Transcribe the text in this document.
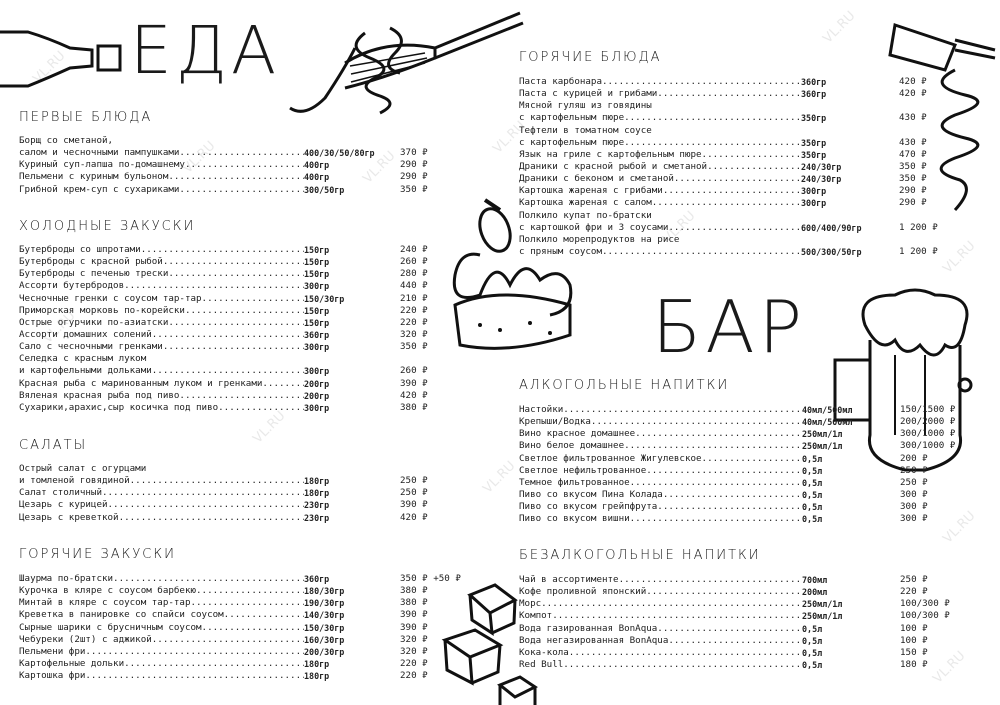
VL.RU
VL.RU	VL.RU
VL.RU
VL.RU
VL.RU
VL.RU
VL.RU
VL.RU
VL.RU
VL.RU
VL.RU
ЕДА
БАР
ПЕРВЫЕ БЛЮДА
ХОЛОДНЫЕ ЗАКУСКИ
САЛАТЫ
ГОРЯЧИЕ ЗАКУСКИ
ГОРЯЧИЕ БЛЮДА
АЛКОГОЛЬНЫЕ НАПИТКИ
БЕЗАЛКОГОЛЬНЫЕ НАПИТКИ
Борщ со сметаной,
салом и чесночными пампушками .....	400/30/50/80гр	370 ₽
Куриный суп-лапша по-домашнему .....	400гр	290 ₽
Пельмени с куриным бульоном .....	400гр	290 ₽
Грибной крем-суп с сухариками .....	300/50гр	350 ₽
Бутерброды со шпротами .....	150гр	240 ₽
Бутерброды с красной рыбой .....	150гр	260 ₽
Бутерброды с печенью трески .....	150гр	280 ₽
Ассорти бутербродов .....	300гр	440 ₽
Чесночные гренки с соусом тар-тар .....	150/30гр	210 ₽
Приморская морковь по-корейски .....	150гр	220 ₽
Острые огурчики по-азиатски .....	150гр	220 ₽
Ассорти домашних солений .....	360гр	320 ₽
Сало с чесночными гренками .....	300гр	350 ₽
Селедка с красным луком
и картофельными дольками .....	300гр	260 ₽
Красная рыба с маринованным луком и гренками .....	200гр	390 ₽
Вяленая красная рыба под пиво .....	200гр	420 ₽
Сухарики,арахис,сыр косичка под пиво .....	300гр	380 ₽
Острый салат с огурцами
и томленой говядиной .....	180гр	250 ₽
Салат столичный .....	180гр	250 ₽
Цезарь с курицей .....	230гр	390 ₽
Цезарь с креветкой .....	230гр	420 ₽
Шаурма по-братски .....	360гр	350 ₽ +50 ₽
Курочка в кляре с соусом барбекю .....	180/30гр	380 ₽
Минтай в кляре с соусом тар-тар .....	190/30гр	380 ₽
Креветка в панировке со спайси соусом .....	140/30гр	390 ₽
Сырные шарики с брусничным соусом .....	150/30гр	390 ₽
Чебуреки (2шт) с аджикой .....	160/30гр	320 ₽
Пельмени фри .....	200/30гр	320 ₽
Картофельные дольки .....	180гр	220 ₽
Картошка фри .....	180гр	220 ₽
Паста карбонара .....	360гр	420 ₽
Паста с курицей и грибами .....	360гр	420 ₽
Мясной гуляш из говядины
с картофельным пюре .....	350гр	430 ₽
Тефтели в томатном соусе
с картофельным пюре .....	350гр	430 ₽
Язык на гриле с картофельным пюре .....	350гр	470 ₽
Драники с красной рыбой и сметаной .....	240/30гр	350 ₽
Драники с беконом и сметаной .....	240/30гр	350 ₽
Картошка жареная с грибами .....	300гр	290 ₽
Картошка жареная с салом .....	300гр	290 ₽
Полкило купат по-братски
с картошкой фри и 3 соусами .....	600/400/90гр	1 200 ₽
Полкило морепродуктов на рисе
с пряным соусом .....	500/300/50гр	1 200 ₽
Настойки .....	40мл/500мл	150/1500 ₽
Крепыши/Водка .....	40мл/500мл	200/2000 ₽
Вино красное домашнее .....	250мл/1л	300/1000 ₽
Вино белое домашнее .....	250мл/1л	300/1000 ₽
Светлое фильтрованное Жигулевское .....	0,5л	200 ₽
Светлое нефильтрованное .....	0,5л	250 ₽
Темное фильтрованное .....	0,5л	250 ₽
Пиво со вкусом Пина Колада .....	0,5л	300 ₽
Пиво со вкусом грейпфрута .....	0,5л	300 ₽
Пиво со вкусом вишни .....	0,5л	300 ₽
Чай в ассортименте .....	700мл	250 ₽
Кофе проливной японский .....	200мл	220 ₽
Морс .....	250мл/1л	100/300 ₽
Компот .....	250мл/1л	100/300 ₽
Вода газированная BonAqua .....	0,5л	100 ₽
Вода негазированная BonAqua .....	0,5л	100 ₽
Кока-кола .....	0,5л	150 ₽
Red Bull .....	0,5л	180 ₽
